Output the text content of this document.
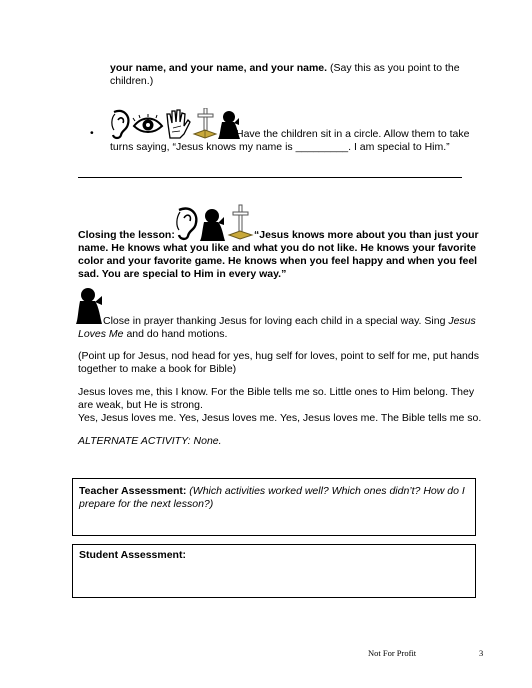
your name, and your name, and your name. (Say this as you point to the children.)
•	Have the children sit in a circle. Allow them to take
turns saying, “Jesus knows my name is _________. I am special to Him.”
Closing the lesson:	“Jesus knows more about you than just your
name. He knows what you like and what you do not like. He knows your favorite
color and your favorite game. He knows when you feel happy and when you feel
sad. You are special to Him in every way.”
Close in prayer thanking Jesus for loving each child in a special way. Sing Jesus
Loves Me and do hand motions.
(Point up for Jesus, nod head for yes, hug self for loves, point to self for me, put hands
together to make a book for Bible)
Jesus loves me, this I know. For the Bible tells me so. Little ones to Him belong. They
are weak, but He is strong.
Yes, Jesus loves me. Yes, Jesus loves me. Yes, Jesus loves me. The Bible tells me so.
ALTERNATE ACTIVITY: None.
Teacher Assessment: (Which activities worked well? Which ones didn’t? How do I
prepare for the next lesson?)
Student Assessment:
Not For Profit	3
